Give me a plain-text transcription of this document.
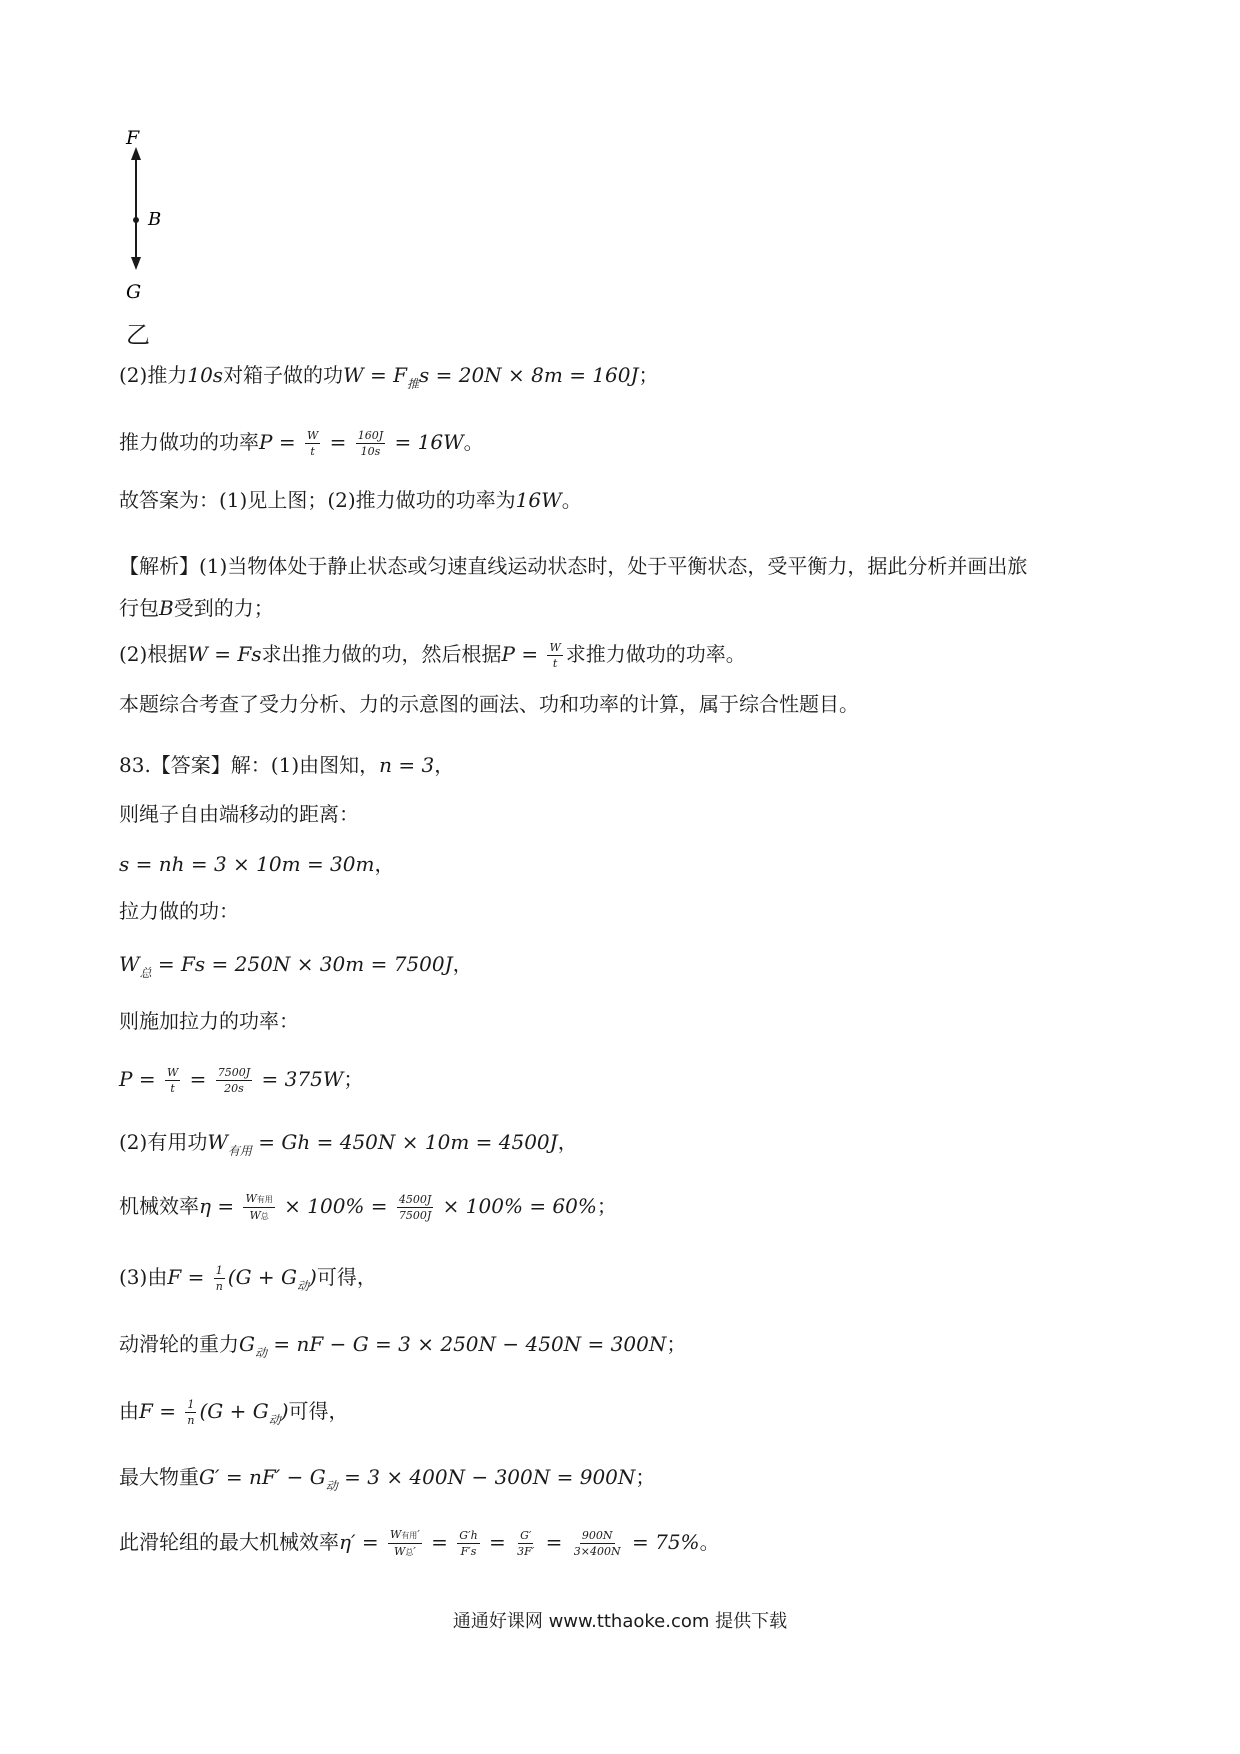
F
B
G
乙
(2)推力10s对箱子做的功$W = F_推s = 20N \times 8m = 160J$；
推力做功的功率$P = \frac{W}{t} = \frac{160J}{10s} = 16W$。
故答案为：(1)见上图；(2)推力做功的功率为16W。
【解析】(1)当物体处于静止状态或匀速直线运动状态时，处于平衡状态，受平衡力，据此分析并画出旅
行包B受到的力；
(2)根据W = Fs求出推力做的功，然后根据$P = \frac{W}{t}$ 求推力做功的功率。
本题综合考查了受力分析、力的示意图的画法、功和功率的计算，属于综合性题目。
83.【答案】解：(1)由图知，n = 3，
则绳子自由端移动的距离：
s = nh = 3 × 10m = 30m，
拉力做的功：
$W_总 = Fs = 250N \times 30m = 7500J$，
则施加拉力的功率：
$P = \frac{W}{t} = \frac{7500J}{20s} = 375W$；
(2)有用功$W_{有用} = Gh = 450N \times 10m = 4500J$，
机械效率$\eta = \frac{\text{W有用}}{\text{W总}} \times 100\% = \frac{4500J}{7500J} \times 100\% = 60\%$；
(3)由$F = \frac{1}{n} (G + G_动)$可得，
动滑轮的重力$G_动$ = nF − G = 3 × 250N − 450N = 300N；
由$F = \frac{1}{n} (G + G_动)$可得，
最大物重$G' = nF' - G_动 = 3 \times 400N - 300N = 900N$；
此滑轮组的最大机械效率$\eta' = \frac{\text{W有用′}}{\text{W总′}} = \frac{G'h}{F's} = \frac{G'}{3F'} = \frac{900N}{3\times 400N} = 75\%$。
通通好课网 www.tthaoke.com 提供下载
